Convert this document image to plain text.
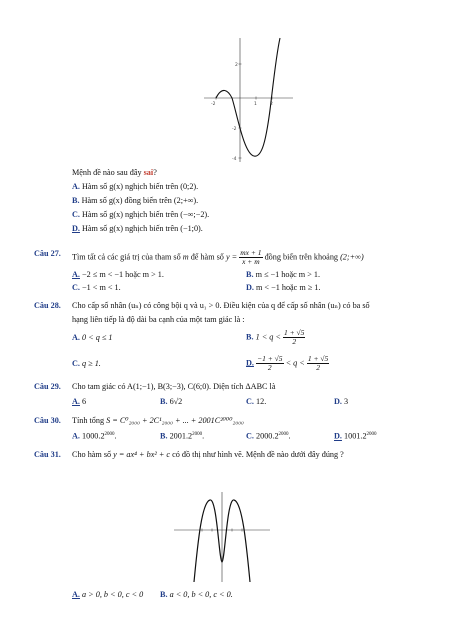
-2	1	2
2
-2
-4
Mệnh đề nào sau đây sai?
A. Hàm số g(x) nghịch biến trên (0;2).
B. Hàm số g(x) đồng biến trên (2;+∞).
C. Hàm số g(x) nghịch biến trên (−∞;−2).
D. Hàm số g(x) nghịch biến trên (−1;0).
Câu 27. Tìm tất cả các giá trị của tham số m để hàm số $y = \frac{mx + 1}{x + m}$ đồng biến trên khoảng (2;+∞)
A. −2 ≤ m < −1 hoặc m > 1.	B. m ≤ −1 hoặc m > 1.
C. −1 < m < 1.	D. m < −1 hoặc m ≥ 1.
Câu 28. Cho cấp số nhân (uₙ) có công bội q và u₁ > 0. Điều kiện của q để cấp số nhân (uₙ) có ba số
hạng liên tiếp là độ dài ba cạnh của một tam giác là :
A. 0 < q ≤ 1	B. $1 < q < \frac{1 + √5}{2}$
C. q ≥ 1.	D. $\frac{-1 + √5}{2} < q < \frac{1 + √5}{2}$
Câu 29. Cho tam giác có A(1;−1), B(3;−3), C(6;0). Diện tích ΔABC là
A. 6	B. 6√2	C. 12.	D. 3
Câu 30. Tính tổng S = C⁰₂₀₀₀ + 2C¹₂₀₀₀ + ... + 2001C²⁰⁰⁰₂₀₀₀
A. $1000.2^{2000}$.	B. $2001.2^{2000}$.	C. $2000.2^{2000}$.	D. $1001.2^{2000}$
Câu 31. Cho hàm số y = ax⁴ + bx² + c có đồ thị như hình vẽ. Mệnh đề nào dưới đây đúng ?
A. a > 0, b < 0, c < 0 B. a < 0, b < 0, c < 0.
